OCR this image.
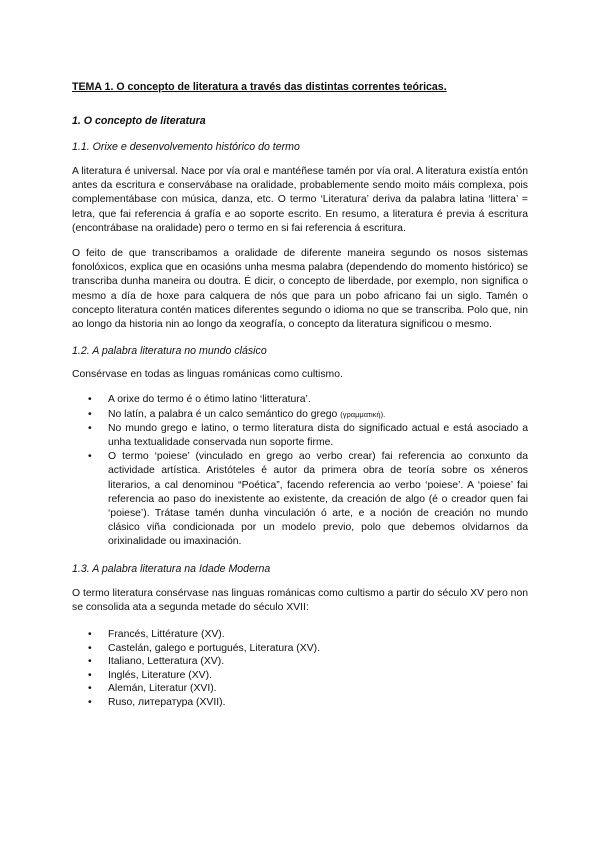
TEMA 1. O concepto de literatura a través das distintas correntes teóricas.

1. O concepto de literatura

1.1. Orixe e desenvolvemento histórico do termo

A literatura é universal. Nace por vía oral e mantéñese tamén por vía oral. A literatura existía entón antes da escritura e conservábase na oralidade, probablemente sendo moito máis complexa, pois complementábase con música, danza, etc. O termo ‘Literatura’ deriva da palabra latina ‘littera’ = letra, que fai referencia á grafía e ao soporte escrito. En resumo, a literatura é previa á escritura (encontrábase na oralidade) pero o termo en si fai referencia á escritura.

O feito de que transcribamos a oralidade de diferente maneira segundo os nosos sistemas fonolóxicos, explica que en ocasións unha mesma palabra (dependendo do momento histórico) se transcriba dunha maneira ou doutra. É dicir, o concepto de liberdade, por exemplo, non significa o mesmo a día de hoxe para calquera de nós que para un pobo africano fai un siglo. Tamén o concepto literatura contén matices diferentes segundo o idioma no que se transcriba. Polo que, nin ao longo da historia nin ao longo da xeografía, o concepto da literatura significou o mesmo.

1.2. A palabra literatura no mundo clásico

Consérvase en todas as linguas románicas como cultismo.

• A orixe do termo é o étimo latino ‘litteratura’.
• No latín, a palabra é un calco semántico do grego (γραμματική).
• No mundo grego e latino, o termo literatura dista do significado actual e está asociado a unha textualidade conservada nun soporte firme.
• O termo ‘poiese’ (vinculado en grego ao verbo crear) fai referencia ao conxunto da actividade artística. Aristóteles é autor da primera obra de teoría sobre os xéneros literarios, a cal denominou “Poética”, facendo referencia ao verbo ‘poiese’. A ‘poiese’ fai referencia ao paso do inexistente ao existente, da creación de algo (é o creador quen fai ‘poiese’). Trátase tamén dunha vinculación ó arte, e a noción de creación no mundo clásico viña condicionada por un modelo previo, polo que debemos olvidarnos da orixinalidade ou imaxinación.

1.3. A palabra literatura na Idade Moderna

O termo literatura consérvase nas linguas románicas como cultismo a partir do século XV pero non se consolida ata a segunda metade do século XVII:

• Francés, Littérature (XV).
• Castelán, galego e portugués, Literatura (XV).
• Italiano, Letteratura (XV).
• Inglés, Literature (XV).
• Alemán, Literatur (XVI).
• Ruso, литература (XVII).
